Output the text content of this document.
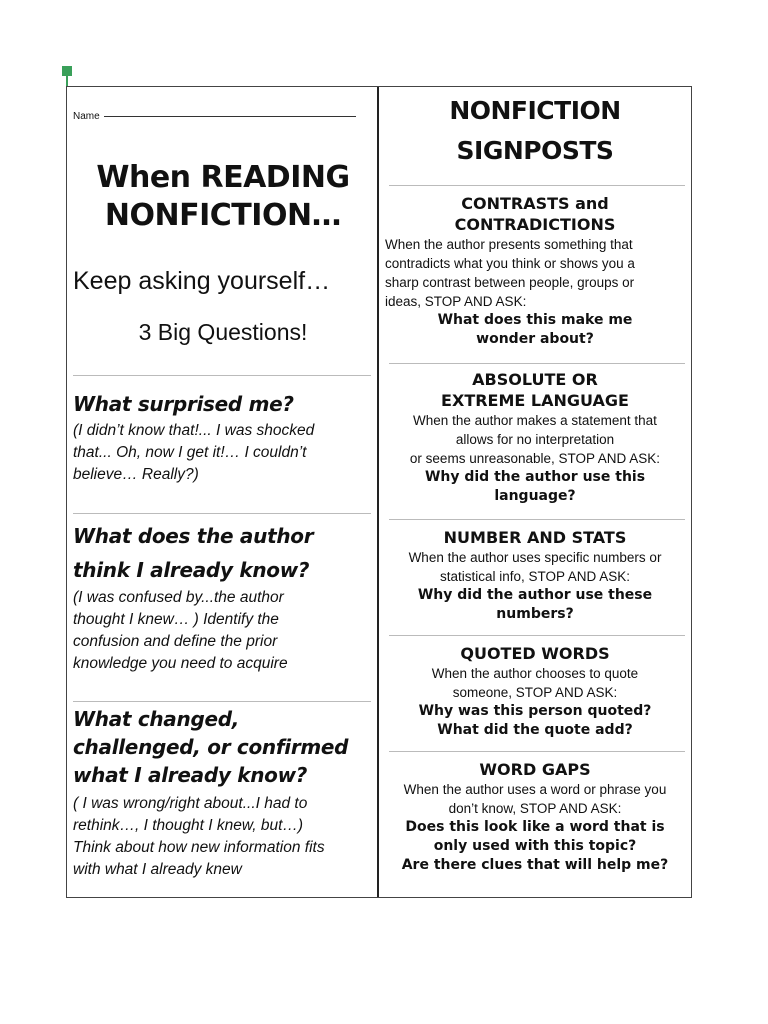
Name
When READING
NONFICTION…
Keep asking yourself…
3 Big Questions!
What surprised me?
(I didn’t know that!... I was shocked
that... Oh, now I get it!… I couldn’t
believe… Really?)
What does the author
think I already know?
(I was confused by...the author
thought I knew… ) Identify the
confusion and define the prior
knowledge you need to acquire
What changed,
challenged, or confirmed
what I already know?
( I was wrong/right about...I had to
rethink…, I thought I knew, but…)
Think about how new information fits
with what I already knew
NONFICTION
SIGNPOSTS
CONTRASTS and
CONTRADICTIONS
When the author presents something that
contradicts what you think or shows you a
sharp contrast between people, groups or
ideas, STOP AND ASK:
What does this make me
wonder about?
ABSOLUTE OR
EXTREME LANGUAGE
When the author makes a statement that
allows for no interpretation
or seems unreasonable, STOP AND ASK:
Why did the author use this
language?
NUMBER AND STATS
When the author uses specific numbers or
statistical info, STOP AND ASK:
Why did the author use these
numbers?
QUOTED WORDS
When the author chooses to quote
someone, STOP AND ASK:
Why was this person quoted?
What did the quote add?
WORD GAPS
When the author uses a word or phrase you
don’t know, STOP AND ASK:
Does this look like a word that is
only used with this topic?
Are there clues that will help me?
